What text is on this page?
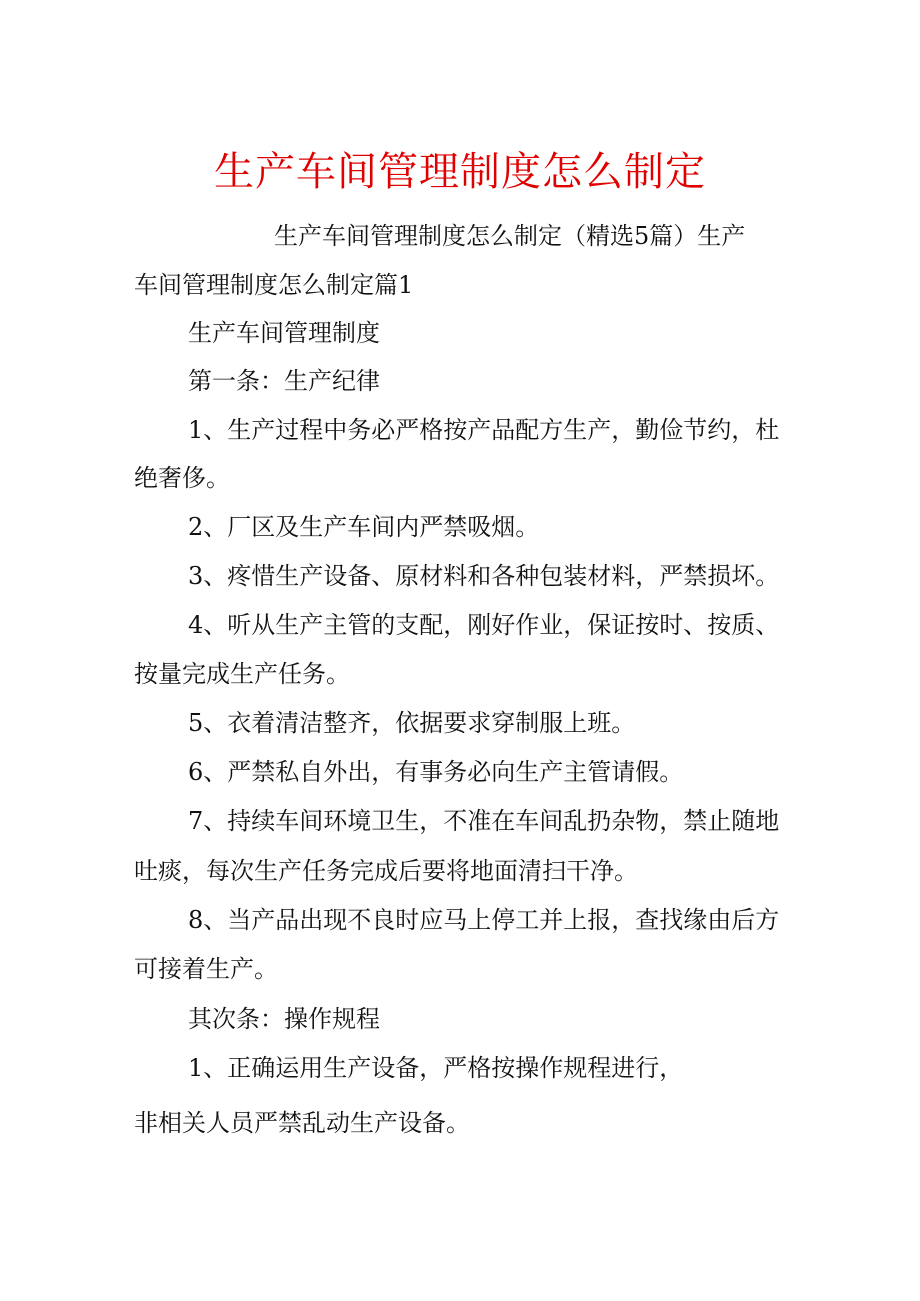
生产车间管理制度怎么制定

生产车间管理制度怎么制定（精选5篇）生产

车间管理制度怎么制定篇1

生产车间管理制度

第一条：生产纪律

1、生产过程中务必严格按产品配方生产，勤俭节约，杜

绝奢侈。

2、厂区及生产车间内严禁吸烟。

3、疼惜生产设备、原材料和各种包装材料，严禁损坏。

4、听从生产主管的支配，刚好作业，保证按时、按质、

按量完成生产任务。

5、衣着清洁整齐，依据要求穿制服上班。

6、严禁私自外出，有事务必向生产主管请假。

7、持续车间环境卫生，不准在车间乱扔杂物，禁止随地

吐痰，每次生产任务完成后要将地面清扫干净。

8、当产品出现不良时应马上停工并上报，查找缘由后方

可接着生产。

其次条：操作规程

1、正确运用生产设备，严格按操作规程进行，

非相关人员严禁乱动生产设备。
